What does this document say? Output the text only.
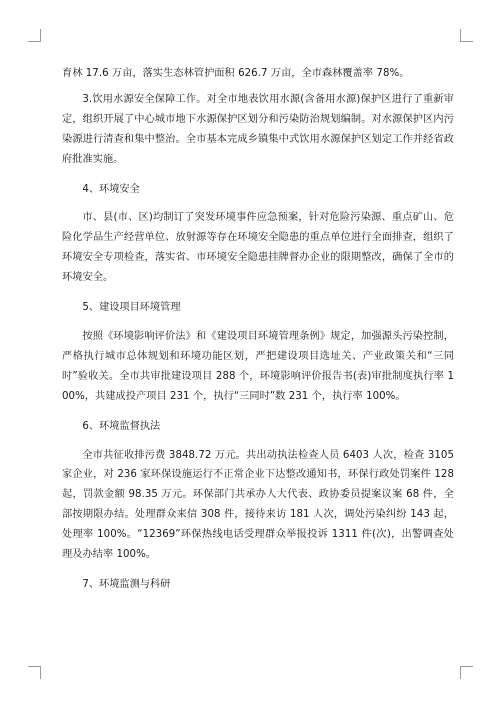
育林 17.6 万亩，落实生态林管护面积 626.7 万亩，全市森林覆盖率 78%。

3.饮用水源安全保障工作。对全市地表饮用水源(含备用水源)保护区进行了重新审定，组织开展了中心城市地下水源保护区划分和污染防治规划编制。对水源保护区内污染源进行清查和集中整治。全市基本完成乡镇集中式饮用水源保护区划定工作并经省政府批准实施。

4、环境安全

市、县(市、区)均制订了突发环境事件应急预案，针对危险污染源、重点矿山、危险化学品生产经营单位、放射源等存在环境安全隐患的重点单位进行全面排查，组织了环境安全专项检查，落实省、市环境安全隐患挂牌督办企业的限期整改，确保了全市的环境安全。

5、建设项目环境管理

按照《环境影响评价法》和《建设项目环境管理条例》规定，加强源头污染控制，严格执行城市总体规划和环境功能区划，严把建设项目选址关、产业政策关和“三同时”验收关。全市共审批建设项目 288 个，环境影响评价报告书(表)审批制度执行率 100%，共建成投产项目 231 个，执行“三同时”数 231 个，执行率 100%。

6、环境监督执法

全市共征收排污费 3848.72 万元。共出动执法检查人员 6403 人次，检查 3105 家企业，对 236 家环保设施运行不正常企业下达整改通知书，环保行政处罚案件 128 起，罚款金额 98.35 万元。环保部门共承办人大代表、政协委员提案议案 68 件，全部按期限办结。处理群众来信 308 件，接待来访 181 人次，调处污染纠纷 143 起，处理率 100%。“12369”环保热线电话受理群众举报投诉 1311 件(次)，出警调查处理及办结率 100%。

7、环境监测与科研
